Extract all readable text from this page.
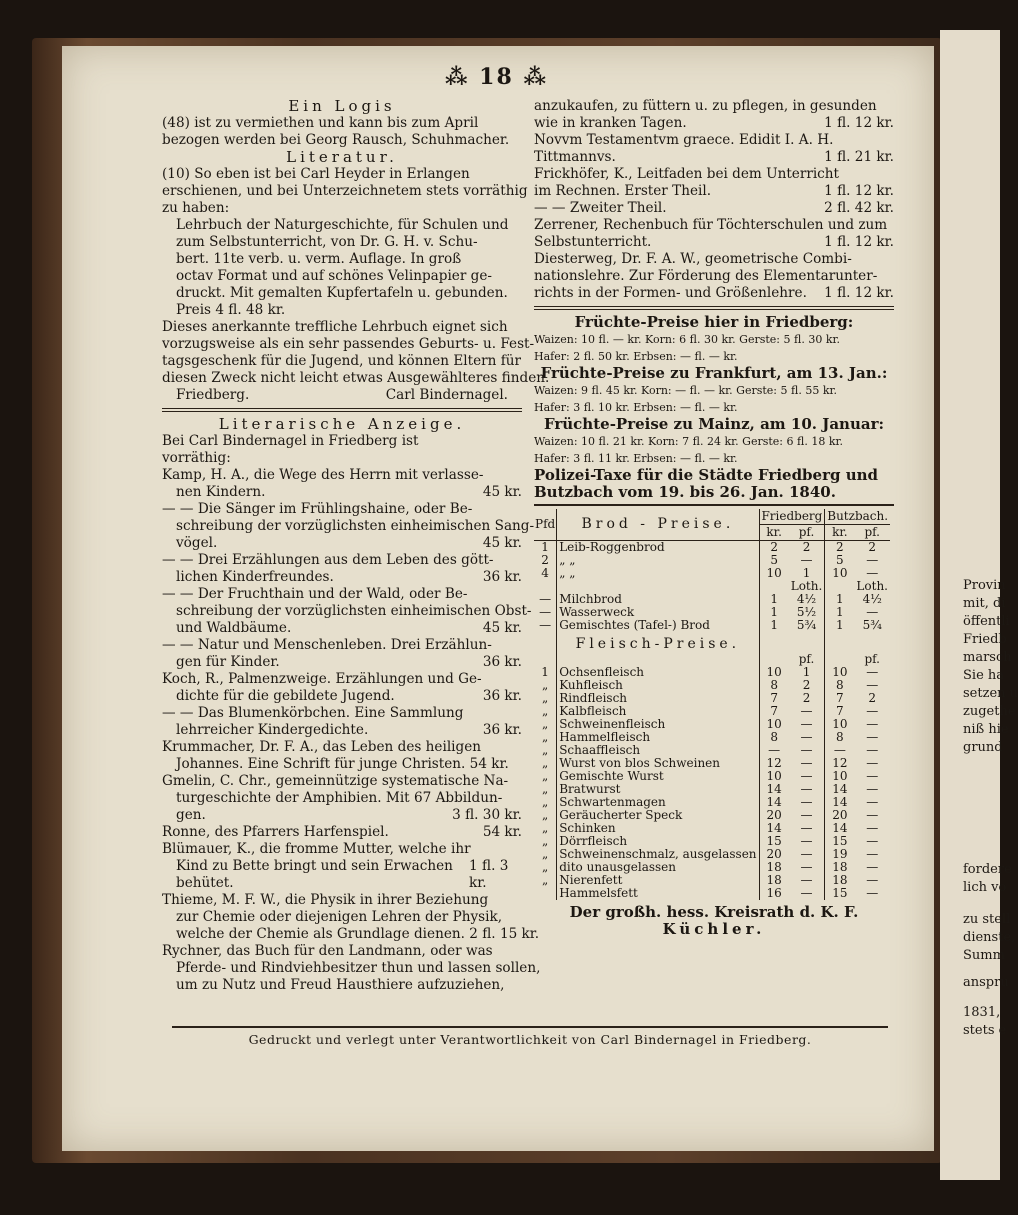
Provin
mit, di
öffentli
Friedb
marsch
Sie ha
setzen u
zugethe
niß hie
grund
fordere
lich vo
zu stell
dienste,
Summ
anspru
1831,
stets e
⁂ 18 ⁂
Ein Logis
(48) ist zu vermiethen und kann bis zum April
bezogen werden bei Georg Rausch, Schuhmacher.
Literatur.
(10) So eben ist bei Carl Heyder in Erlangen
erschienen, und bei Unterzeichnetem stets vorräthig
zu haben:
Lehrbuch der Naturgeschichte, für Schulen und
zum Selbstunterricht, von Dr. G. H. v. Schu-
bert. 11te verb. u. verm. Auflage. In groß
octav Format und auf schönes Velinpapier ge-
druckt. Mit gemalten Kupfertafeln u. gebunden.
Preis 4 fl. 48 kr.
Dieses anerkannte treffliche Lehrbuch eignet sich
vorzugsweise als ein sehr passendes Geburts- u. Fest-
tagsgeschenk für die Jugend, und können Eltern für
diesen Zweck nicht leicht etwas Ausgewählteres finden.
Friedberg.	Carl Bindernagel.
Literarische Anzeige.
Bei Carl Bindernagel in Friedberg ist
vorräthig:
Kamp, H. A., die Wege des Herrn mit verlasse-
nen Kindern.	45 kr.
— — Die Sänger im Frühlingshaine, oder Be-
schreibung der vorzüglichsten einheimischen Sang-
vögel.	45 kr.
— — Drei Erzählungen aus dem Leben des gött-
lichen Kinderfreundes.	36 kr.
— — Der Fruchthain und der Wald, oder Be-
schreibung der vorzüglichsten einheimischen Obst-
und Waldbäume.	45 kr.
— — Natur und Menschenleben. Drei Erzählun-
gen für Kinder.	36 kr.
Koch, R., Palmenzweige. Erzählungen und Ge-
dichte für die gebildete Jugend.	36 kr.
— — Das Blumenkörbchen. Eine Sammlung
lehrreicher Kindergedichte.	36 kr.
Krummacher, Dr. F. A., das Leben des heiligen
Johannes. Eine Schrift für junge Christen. 54 kr.
Gmelin, C. Chr., gemeinnützige systematische Na-
turgeschichte der Amphibien. Mit 67 Abbildun-
gen.	3 fl. 30 kr.
Ronne, des Pfarrers Harfenspiel.	54 kr.
Blümauer, K., die fromme Mutter, welche ihr
Kind zu Bette bringt und sein Erwachen behütet.
1 fl. 3 kr.
Thieme, M. F. W., die Physik in ihrer Beziehung
zur Chemie oder diejenigen Lehren der Physik,
welche der Chemie als Grundlage dienen. 2 fl. 15 kr.
Rychner, das Buch für den Landmann, oder was
Pferde- und Rindviehbesitzer thun und lassen sollen,
um zu Nutz und Freud Hausthiere aufzuziehen,
anzukaufen, zu füttern u. zu pflegen, in gesunden
wie in kranken Tagen.	1 fl. 12 kr.
Novvm Testamentvm graece. Edidit I. A. H.
Tittmannvs.	1 fl. 21 kr.
Frickhöfer, K., Leitfaden bei dem Unterricht
im Rechnen. Erster Theil.	1 fl. 12 kr.
— — Zweiter Theil.	2 fl. 42 kr.
Zerrener, Rechenbuch für Töchterschulen und zum
Selbstunterricht.	1 fl. 12 kr.
Diesterweg, Dr. F. A. W., geometrische Combi-
nationslehre. Zur Förderung des Elementarunter-
richts in der Formen- und Größenlehre. 1 fl. 12 kr.
Früchte-Preise hier in Friedberg:
Waizen: 10 fl. — kr. Korn: 6 fl. 30 kr. Gerste: 5 fl. 30 kr.
Hafer: 2 fl. 50 kr. Erbsen: — fl. — kr.
Früchte-Preise zu Frankfurt, am 13. Jan.:
Waizen: 9 fl. 45 kr. Korn: — fl. — kr. Gerste: 5 fl. 55 kr.
Hafer: 3 fl. 10 kr. Erbsen: — fl. — kr.
Früchte-Preise zu Mainz, am 10. Januar:
Waizen: 10 fl. 21 kr. Korn: 7 fl. 24 kr. Gerste: 6 fl. 18 kr.
Hafer: 3 fl. 11 kr. Erbsen: — fl. — kr.
Polizei-Taxe für die Städte Friedberg und
Butzbach vom 19. bis 26. Jan. 1840.
Pfd	Brod - Preise.	Friedberg		Butzbach.	
		kr.	pf.	kr.	pf.
1	Leib-Roggenbrod	2	2	2	2
2	„ „	5	—	5	—
4	„ „	10	1	10	—
			Loth.		Loth.
—	Milchbrod	1	4½	1	4½
—	Wasserweck	1	5½	1	—
—	Gemischtes (Tafel-) Brod	1	5¾	1	5¾
	Fleisch-Preise.				
			pf.		pf.
1	Ochsenfleisch	10	1	10	—
„	Kuhfleisch	8	2	8	—
„	Rindfleisch	7	2	7	2
„	Kalbfleisch	7	—	7	—
„	Schweinenfleisch	10	—	10	—
„	Hammelfleisch	8	—	8	—
„	Schaaffleisch	—	—	—	—
„	Wurst von blos Schweinen	12	—	12	—
„	Gemischte Wurst	10	—	10	—
„	Bratwurst	14	—	14	—
„	Schwartenmagen	14	—	14	—
„	Geräucherter Speck	20	—	20	—
„	Schinken	14	—	14	—
„	Dörrfleisch	15	—	15	—
„	Schweinenschmalz, ausgelassen	20	—	19	—
„	dito unausgelassen	18	—	18	—
„	Nierenfett	18	—	18	—
	Hammelsfett	16	—	15	—
Der großh. hess. Kreisrath d. K. F.
Küchler.
Gedruckt und verlegt unter Verantwortlichkeit von Carl Bindernagel in Friedberg.
